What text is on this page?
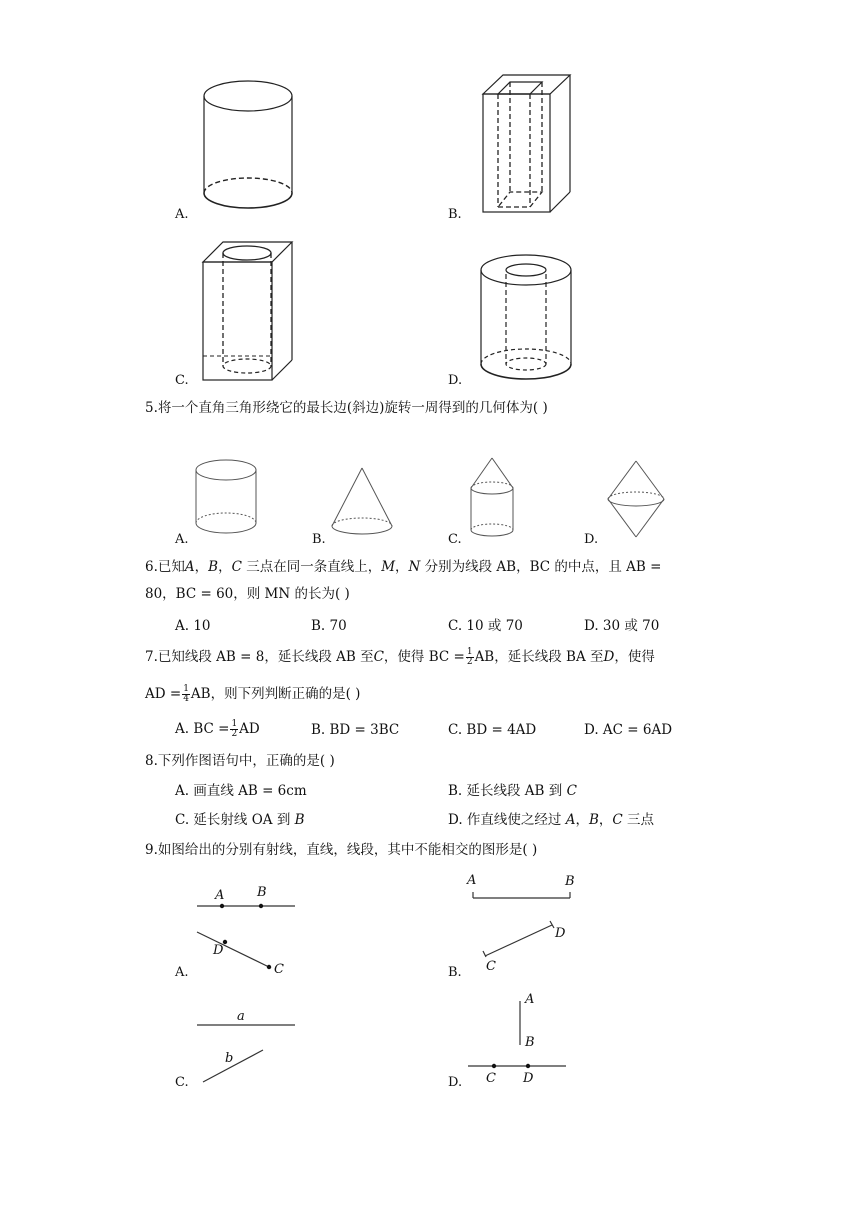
A.	B.
C.	D.
5.将一个直角三角形绕它的最长边(斜边)旋转一周得到的几何体为( )
A.	B.	C.	D.
6.已知A，B，C 三点在同一条直线上，M，N 分别为线段 AB，BC 的中点，且 AB =
80，BC = 60，则 MN 的长为( )
A. 10	B. 70	C. 10 或 70	D. 30 或 70
7.已知线段 AB = 8，延长线段 AB 至C，使得 BC = $\frac{1}{2}$ AB，延长线段 BA 至D，使得
AD = $\frac{1}{4}$ AB，则下列判断正确的是( )
A. BC = $\frac{1}{2}$ AD	B. BD = 3BC	C. BD = 4AD	D. AC = 6AD
8.下列作图语句中，正确的是( )
A. 画直线 AB = 6cm	B. 延长线段 AB 到 C
C. 延长射线 OA 到 B	D. 作直线使之经过 A，B，C 三点
9.如图给出的分别有射线，直线，线段，其中不能相交的图形是( )
A	B
D
C
A.
A	B
D
C
B.
a
b
C.
A
B
C D
D.
